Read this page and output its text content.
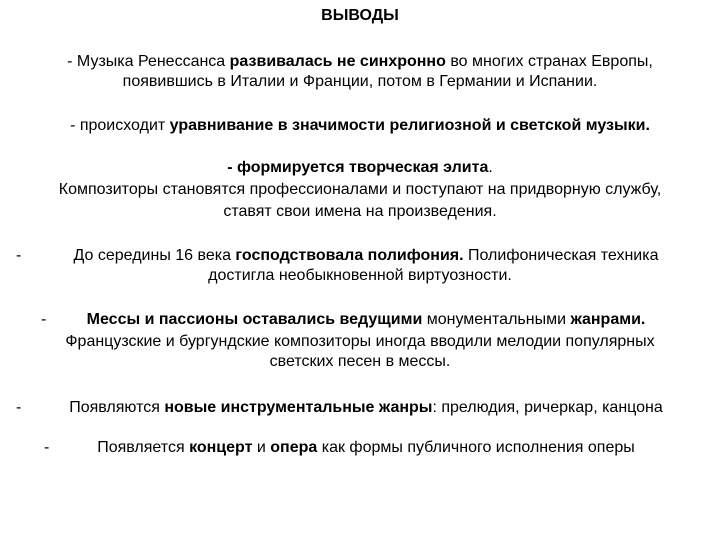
ВЫВОДЫ
- Музыка Ренессанса развивалась не синхронно во многих странах Европы,
появившись в Италии и Франции, потом в Германии и Испании.
- происходит уравнивание в значимости религиозной и светской музыки.
- формируется творческая элита.
Композиторы становятся профессионалами и поступают на придворную службу,
ставят свои имена на произведения.
-	До середины 16 века господствовала полифония. Полифоническая техника
достигла необыкновенной виртуозности.
-	Мессы и пассионы оставались ведущими монументальными жанрами.
Французские и бургундские композиторы иногда вводили мелодии популярных
светских песен в мессы.
-	Появляются новые инструментальные жанры: прелюдия, ричеркар, канцона
-	Появляется концерт и опера как формы публичного исполнения оперы
